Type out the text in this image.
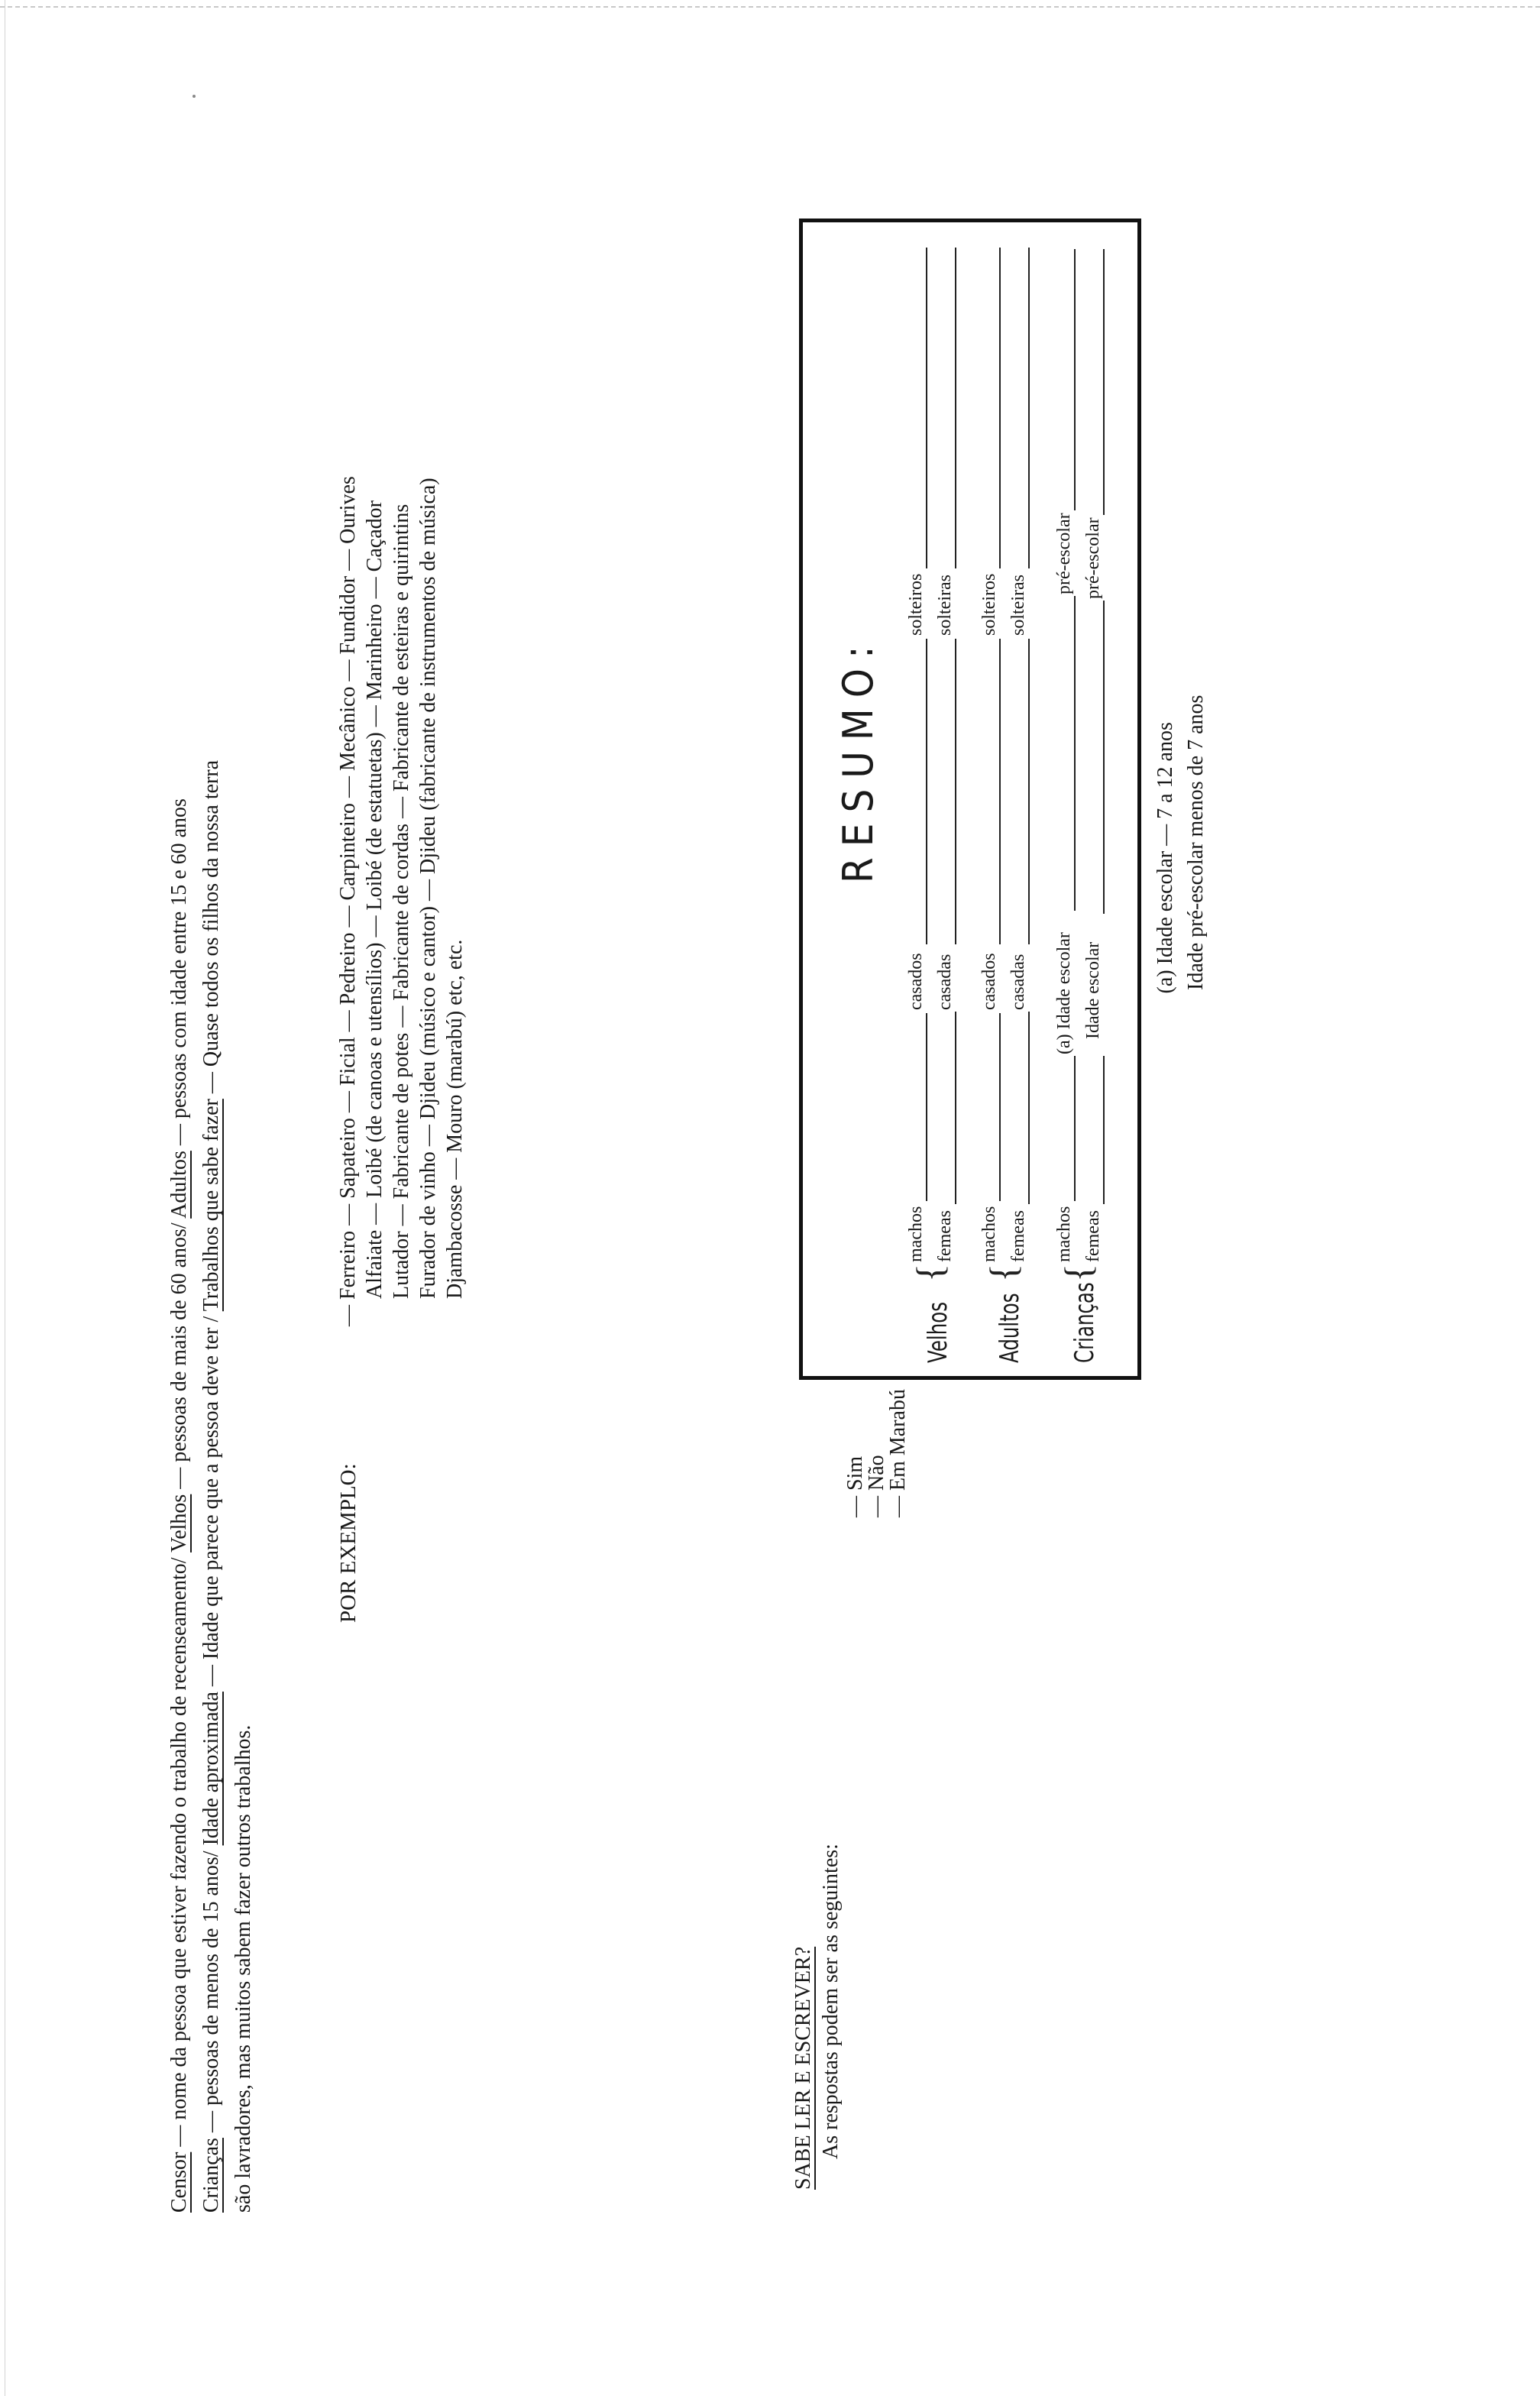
Censor — nome da pessoa que estiver fazendo o trabalho de recenseamento/ Velhos — pessoas de mais de 60 anos/ Adultos — pessoas com idade entre 15 e 60 anos
Crianças — pessoas de menos de 15 anos/ Idade aproximada — Idade que parece que a pessoa deve ter / Trabalhos que sabe fazer — Quase todos os filhos da nossa terra
são lavradores, mas muitos sabem fazer outros trabalhos.
POR EXEMPLO:
— Ferreiro — Sapateiro — Ficial — Pedreiro — Carpinteiro — Mecânico — Fundidor — Ourives Alfaiate — Loibé (de canoas e utensílios) — Loibé (de estatuetas) — Marinheiro — Caçador Lutador — Fabricante de potes — Fabricante de cordas — Fabricante de esteiras e quirintins Furador de vinho — Djideu (músico e cantor) — Djideu (fabricante de instrumentos de música) Djambacosse — Mouro (marabú) etc, etc.
SABE LER E ESCREVER? As respostas podem ser as seguintes:
— Sim
— Não
— Em Marabú
RESUMO:
Velhos
{
machos
casados
solteiros
femeas
casadas
solteiras
Adultos
{
machos
casados
solteiros
femeas
casadas
solteiras
Crianças
{
machos
(a) Idade escolar
pré-escolar
femeas
Idade escolar
pré-escolar
(a) Idade escolar — 7 a 12 anos Idade pré-escolar menos de 7 anos
